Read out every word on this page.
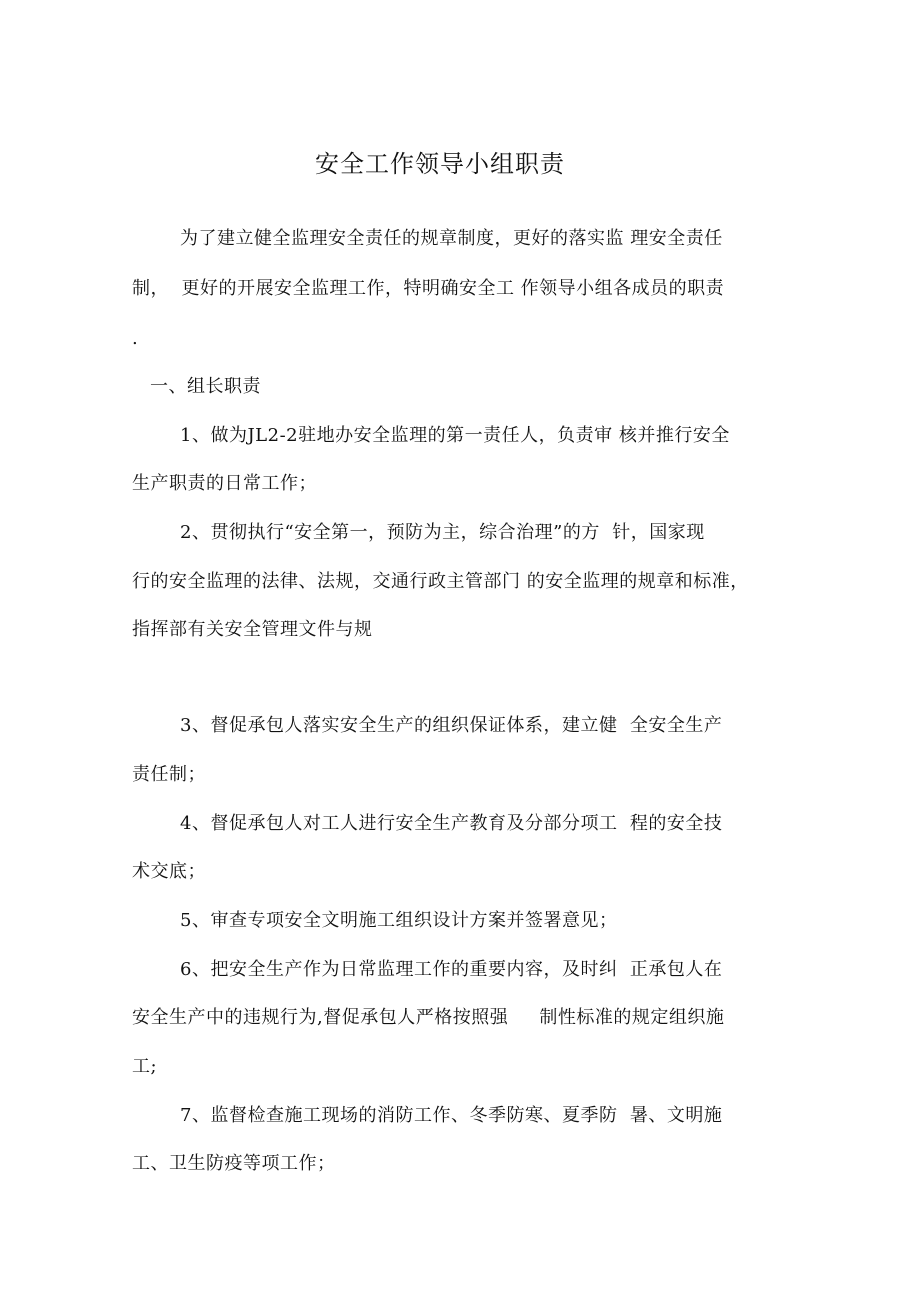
安全工作领导小组职责
为了建立健全监理安全责任的规章制度，更好的落实监 理安全责任
制，  更好的开展安全监理工作，特明确安全工 作领导小组各成员的职责
.
一、组长职责
1、做为JL2-2驻地办安全监理的第一责任人，负责审 核并推行安全
生产职责的日常工作；
2、贯彻执行“安全第一，预防为主，综合治理”的方  针，国家现
行的安全监理的法律、法规，交通行政主管部门 的安全监理的规章和标准，
指挥部有关安全管理文件与规
3、督促承包人落实安全生产的组织保证体系，建立健  全安全生产
责任制；
4、督促承包人对工人进行安全生产教育及分部分项工  程的安全技
术交底；
5、审查专项安全文明施工组织设计方案并签署意见；
6、把安全生产作为日常监理工作的重要内容，及时纠  正承包人在
安全生产中的违规行为,督促承包人严格按照强     制性标准的规定组织施
工;
7、监督检查施工现场的消防工作、冬季防寒、夏季防  暑、文明施
工、卫生防疫等项工作；
